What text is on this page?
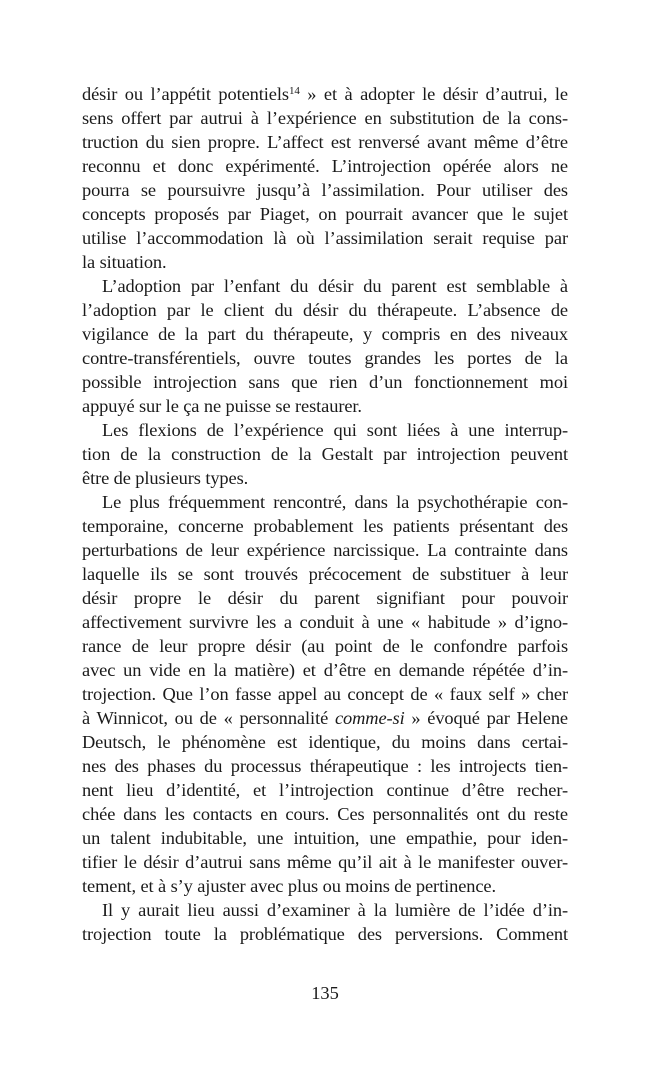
désir ou l’appétit potentiels$^{14}$ » et à adopter le désir d’autrui, le
sens offert par autrui à l’expérience en substitution de la cons-
truction du sien propre. L’affect est renversé avant même d’être
reconnu et donc expérimenté. L’introjection opérée alors ne
pourra se poursuivre jusqu’à l’assimilation. Pour utiliser des
concepts proposés par Piaget, on pourrait avancer que le sujet
utilise l’accommodation là où l’assimilation serait requise par
la situation.
L’adoption par l’enfant du désir du parent est semblable à
l’adoption par le client du désir du thérapeute. L’absence de
vigilance de la part du thérapeute, y compris en des niveaux
contre-transférentiels, ouvre toutes grandes les portes de la
possible introjection sans que rien d’un fonctionnement moi
appuyé sur le ça ne puisse se restaurer.
Les flexions de l’expérience qui sont liées à une interrup-
tion de la construction de la Gestalt par introjection peuvent
être de plusieurs types.
Le plus fréquemment rencontré, dans la psychothérapie con-
temporaine, concerne probablement les patients présentant des
perturbations de leur expérience narcissique. La contrainte dans
laquelle ils se sont trouvés précocement de substituer à leur
désir propre le désir du parent signifiant pour pouvoir
affectivement survivre les a conduit à une « habitude » d’igno-
rance de leur propre désir (au point de le confondre parfois
avec un vide en la matière) et d’être en demande répétée d’in-
trojection. Que l’on fasse appel au concept de « faux self » cher
à Winnicot, ou de « personnalité comme-si » évoqué par Helene
Deutsch, le phénomène est identique, du moins dans certai-
nes des phases du processus thérapeutique : les introjects tien-
nent lieu d’identité, et l’introjection continue d’être recher-
chée dans les contacts en cours. Ces personnalités ont du reste
un talent indubitable, une intuition, une empathie, pour iden-
tifier le désir d’autrui sans même qu’il ait à le manifester ouver-
tement, et à s’y ajuster avec plus ou moins de pertinence.
Il y aurait lieu aussi d’examiner à la lumière de l’idée d’in-
trojection toute la problématique des perversions. Comment
135
